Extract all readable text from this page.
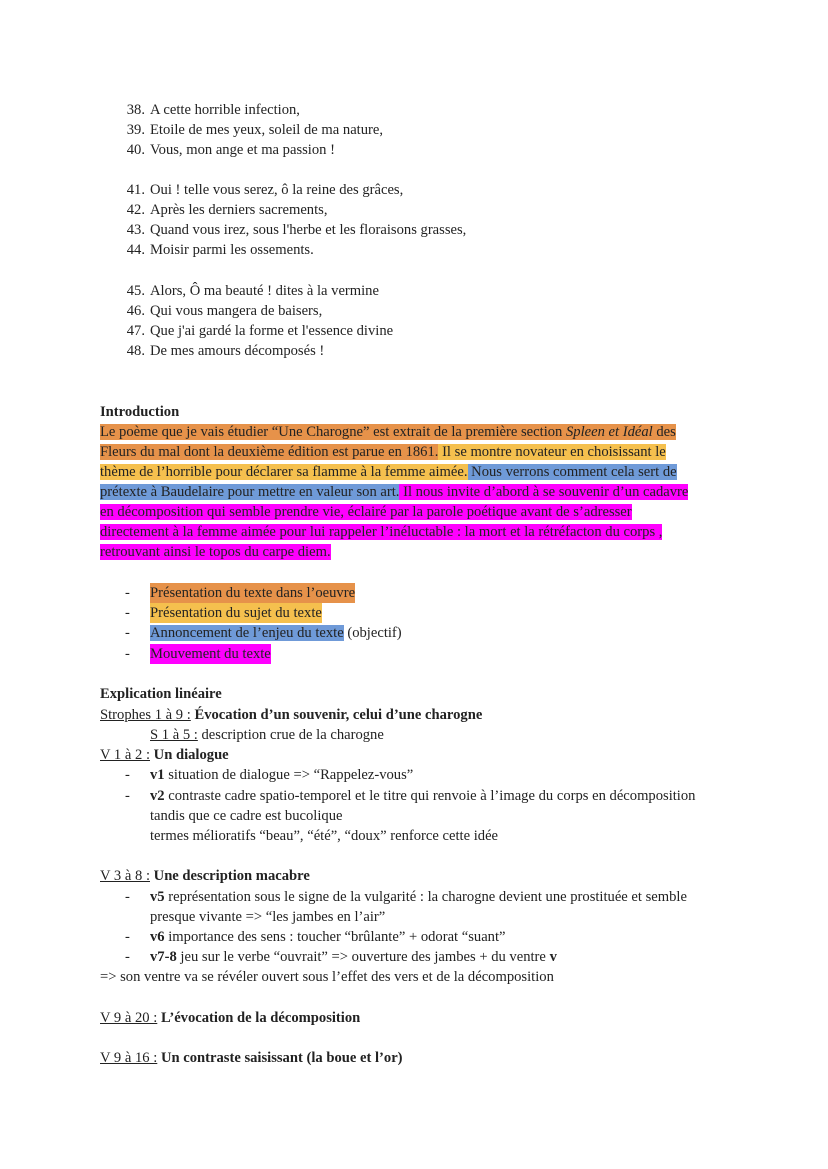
38. A cette horrible infection,
39. Etoile de mes yeux, soleil de ma nature,
40. Vous, mon ange et ma passion !
41. Oui ! telle vous serez, ô la reine des grâces,
42. Après les derniers sacrements,
43. Quand vous irez, sous l'herbe et les floraisons grasses,
44. Moisir parmi les ossements.
45. Alors, Ô ma beauté ! dites à la vermine
46. Qui vous mangera de baisers,
47. Que j'ai gardé la forme et l'essence divine
48. De mes amours décomposés !
Introduction
Le poème que je vais étudier “Une Charogne” est extrait de la première section Spleen et Idéal des
Fleurs du mal dont la deuxième édition est parue en 1861. Il se montre novateur en choisissant le
thème de l’horrible pour déclarer sa flamme à la femme aimée. Nous verrons comment cela sert de
prétexte à Baudelaire pour mettre en valeur son art. Il nous invite d’abord à se souvenir d’un cadavre
en décomposition qui semble prendre vie, éclairé par la parole poétique avant de s’adresser
directement à la femme aimée pour lui rappeler l’inéluctable : la mort et la rétréfacton du corps ,
retrouvant ainsi le topos du carpe diem.
- Présentation du texte dans l’oeuvre
- Présentation du sujet du texte
- Annoncement de l’enjeu du texte (objectif)
- Mouvement du texte
Explication linéaire
Strophes 1 à 9 : Évocation d’un souvenir, celui d’une charogne
S 1 à 5 : description crue de la charogne
V 1 à 2 : Un dialogue
- v1 situation de dialogue => “Rappelez-vous”
- v2 contraste cadre spatio-temporel et le titre qui renvoie à l’image du corps en décomposition
tandis que ce cadre est bucolique
termes mélioratifs “beau”, “été”, “doux” renforce cette idée
V 3 à 8 : Une description macabre
- v5 représentation sous le signe de la vulgarité : la charogne devient une prostituée et semble
presque vivante => “les jambes en l’air”
- v6 importance des sens : toucher “brûlante” + odorat “suant”
- v7-8 jeu sur le verbe “ouvrait” => ouverture des jambes + du ventre v
=> son ventre va se révéler ouvert sous l’effet des vers et de la décomposition
V 9 à 20 : L’évocation de la décomposition
V 9 à 16 : Un contraste saisissant (la boue et l’or)
